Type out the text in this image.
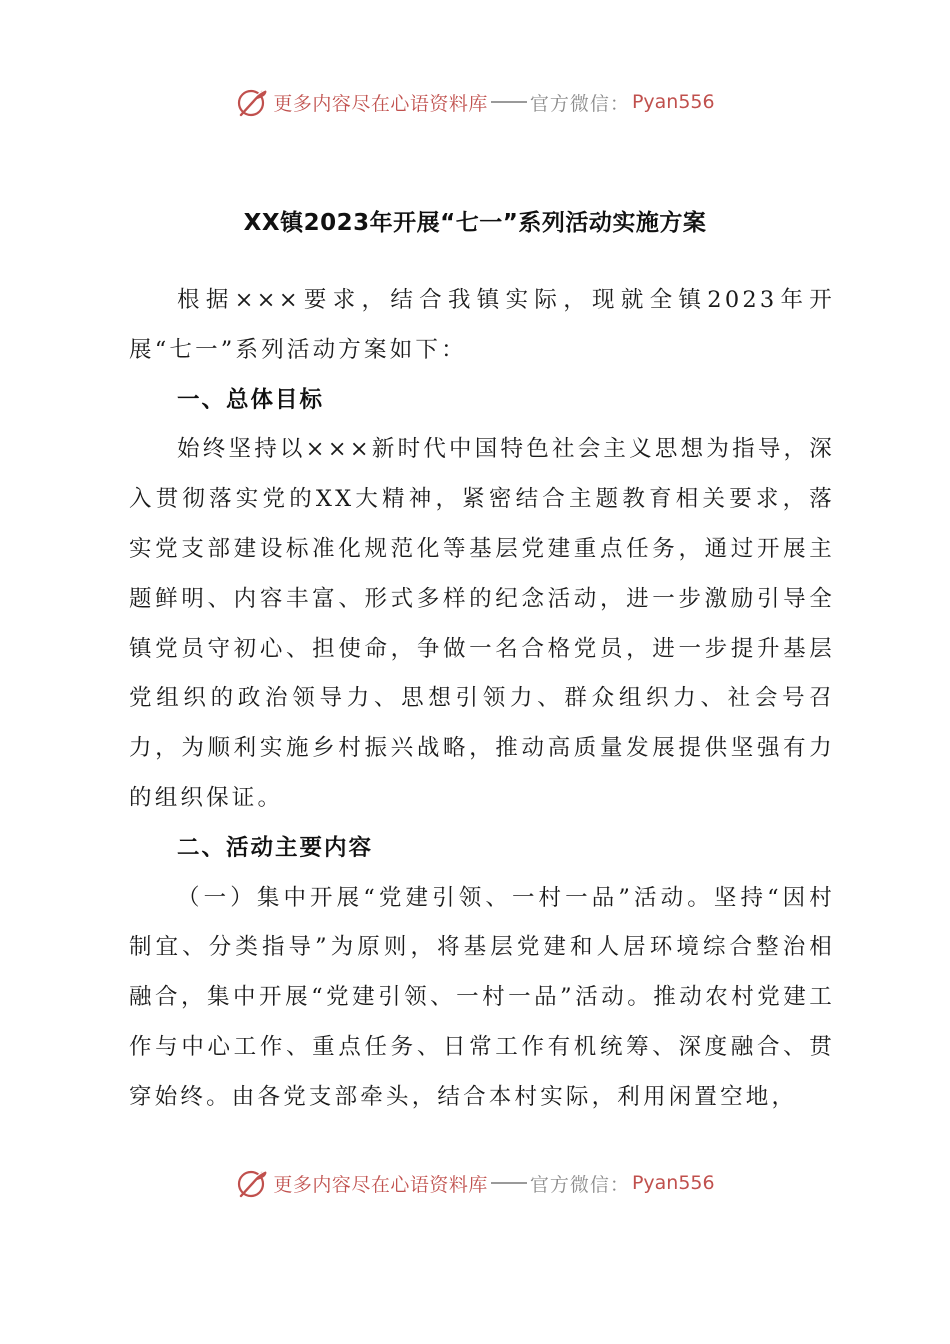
更多内容尽在心语资料库 官方微信： Pyan556
XX镇2023年开展“七一”系列活动实施方案

根据×××要求，结合我镇实际，现就全镇2023年开展“七一”系列活动方案如下：

一、总体目标

始终坚持以×××新时代中国特色社会主义思想为指导，深入贯彻落实党的XX大精神，紧密结合主题教育相关要求，落实党支部建设标准化规范化等基层党建重点任务，通过开展主题鲜明、内容丰富、形式多样的纪念活动，进一步激励引导全镇党员守初心、担使命，争做一名合格党员，进一步提升基层党组织的政治领导力、思想引领力、群众组织力、社会号召力，为顺利实施乡村振兴战略，推动高质量发展提供坚强有力的组织保证。

二、活动主要内容

（一）集中开展“党建引领、一村一品”活动。坚持“因村制宜、分类指导”为原则，将基层党建和人居环境综合整治相融合，集中开展“党建引领、一村一品”活动。推动农村党建工作与中心工作、重点任务、日常工作有机统筹、深度融合、贯穿始终。由各党支部牵头，结合本村实际，利用闲置空地，

更多内容尽在心语资料库 官方微信： Pyan556
